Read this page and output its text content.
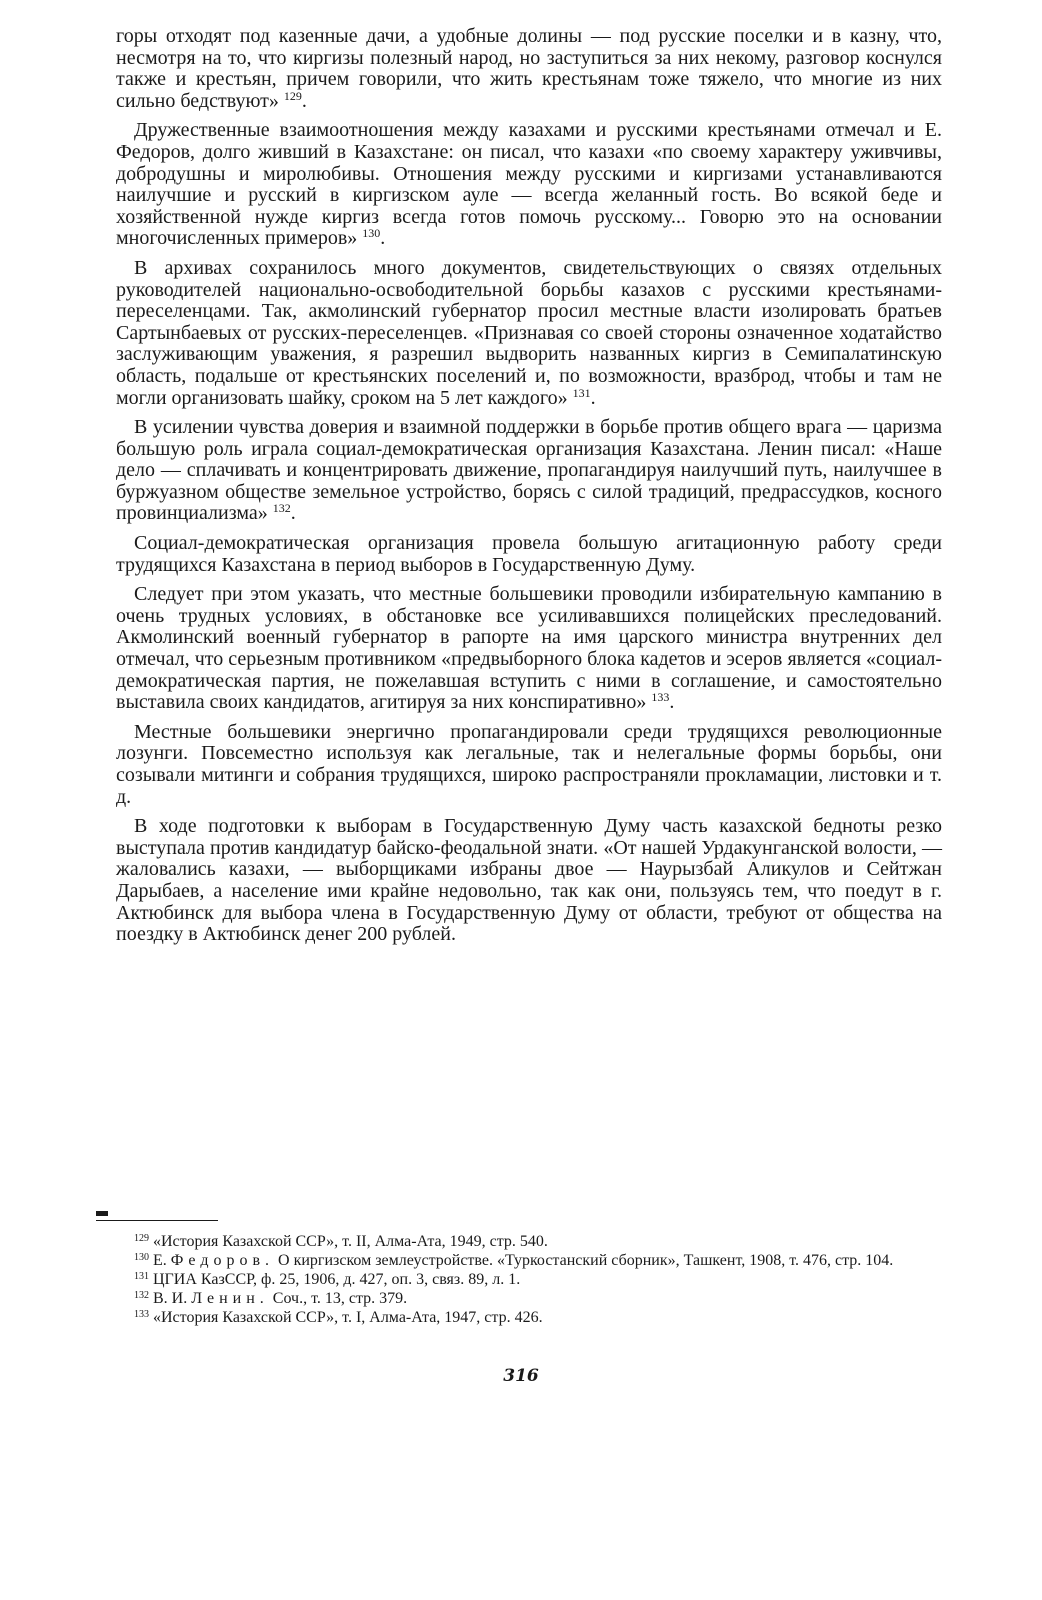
горы отходят под казенные дачи, а удобные долины — под русские поселки и в казну, что, несмотря на то, что киргизы полезный народ, но заступиться за них некому, разговор коснулся также и крестьян, причем говорили, что жить крестьянам тоже тяжело, что многие из них сильно бедствуют» $^{129}$.

Дружественные взаимоотношения между казахами и русскими крестьянами отмечал и Е. Федоров, долго живший в Казахстане: он писал, что казахи «по своему характеру уживчивы, добродушны и миролюбивы. Отношения между русскими и киргизами устанавливаются наилучшие и русский в киргизском ауле — всегда желанный гость. Во всякой беде и хозяйственной нужде киргиз всегда готов помочь русскому... Говорю это на основании многочисленных примеров» $^{130}$.

В архивах сохранилось много документов, свидетельствующих о связях отдельных руководителей национально-освободительной борьбы казахов с русскими крестьянами-переселенцами. Так, акмолинский губернатор просил местные власти изолировать братьев Сартынбаевых от русских-переселенцев. «Признавая со своей стороны означенное ходатайство заслуживающим уважения, я разрешил выдворить названных киргиз в Семипалатинскую область, подальше от крестьянских поселений и, по возможности, вразброд, чтобы и там не могли организовать шайку, сроком на 5 лет каждого» $^{131}$.

В усилении чувства доверия и взаимной поддержки в борьбе против общего врага — царизма большую роль играла социал-демократическая организация Казахстана. Ленин писал: «Наше дело — сплачивать и концентрировать движение, пропагандируя наилучший путь, наилучшее в буржуазном обществе земельное устройство, борясь с силой традиций, предрассудков, косного провинциализма» $^{132}$.

Социал-демократическая организация провела большую агитационную работу среди трудящихся Казахстана в период выборов в Государственную Думу.

Следует при этом указать, что местные большевики проводили избирательную кампанию в очень трудных условиях, в обстановке все усиливавшихся полицейских преследований. Акмолинский военный губернатор в рапорте на имя царского министра внутренних дел отмечал, что серьезным противником «предвыборного блока кадетов и эсеров является «социал-демократическая партия, не пожелавшая вступить с ними в соглашение, и самостоятельно выставила своих кандидатов, агитируя за них конспиративно» $^{133}$.

Местные большевики энергично пропагандировали среди трудящихся революционные лозунги. Повсеместно используя как легальные, так и нелегальные формы борьбы, они созывали митинги и собрания трудящихся, широко распространяли прокламации, листовки и т. д.

В ходе подготовки к выборам в Государственную Думу часть казахской бедноты резко выступала против кандидатур байско-феодальной знати. «От нашей Урдакунганской волости, — жаловались казахи, — выборщиками избраны двое — Наурызбай Аликулов и Сейтжан Дарыбаев, а население ими крайне недовольно, так как они, пользуясь тем, что поедут в г. Актюбинск для выбора члена в Государственную Думу от области, требуют от общества на поездку в Актюбинск денег 200 рублей.

$^{129}$ «История Казахской ССР», т. II, Алма-Ата, 1949, стр. 540.

$^{130}$ Е. Федоров. О киргизском землеустройстве. «Туркостанский сборник», Ташкент, 1908, т. 476, стр. 104.

$^{131}$ ЦГИА КазССР, ф. 25, 1906, д. 427, оп. 3, связ. 89, л. 1.

$^{132}$ В. И. Ленин. Соч., т. 13, стр. 379.

$^{133}$ «История Казахской ССР», т. I, Алма-Ата, 1947, стр. 426.

316
